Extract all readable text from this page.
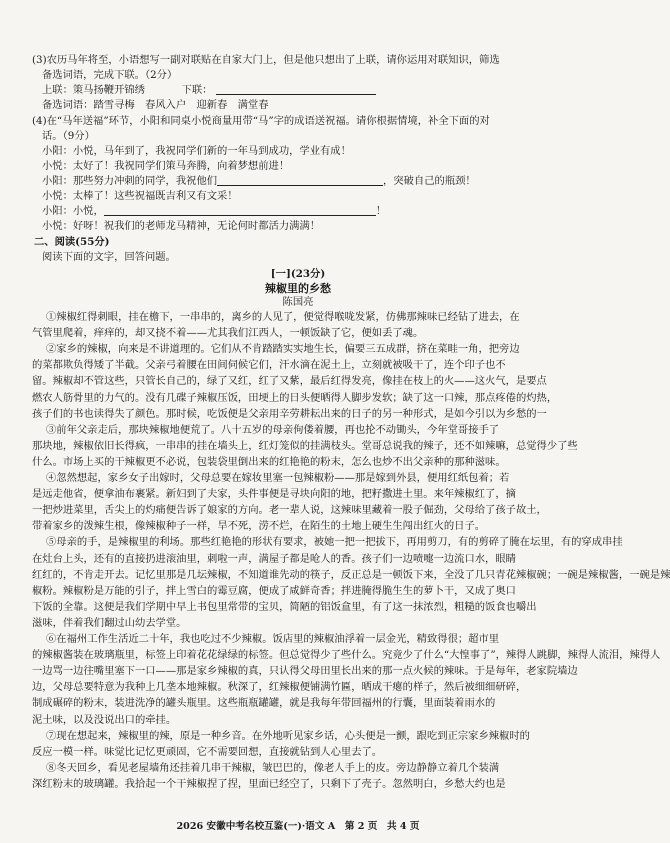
(3)农历马年将至，小语想写一副对联贴在自家大门上，但是他只想出了上联，请你运用对联知识，筛选
备选词语，完成下联。（2分）
上联：策马扬鞭开锦绣	下联：
备选词语：踏雪寻梅　春风入户　迎新春　满堂春
(4)在“马年送福”环节，小阳和同桌小悦商量用带“马”字的成语送祝福。请你根据情境，补全下面的对
话。（9分）
小阳：小悦，马年到了，我祝同学们新的一年马到成功，学业有成！
小悦：太好了！我祝同学们策马奔腾，向着梦想前进！
小阳：那些努力冲刺的同学，我祝他们	，突破自己的瓶颈！
小悦：太棒了！这些祝福既吉利又有文采！
小阳：小悦，	！
小悦：好呀！祝我们的老师龙马精神，无论何时都活力满满！
二、阅读(55分)
阅读下面的文字，回答问题。
[一](23分)
辣椒里的乡愁
陈国亮
①辣椒红得刺眼，挂在檐下，一串串的，离乡的人见了，便觉得喉咙发紧，仿佛那辣味已经钻了进去，在
气管里爬着，痒痒的，却又挠不着——尤其我们江西人，一顿饭缺了它，便如丢了魂。
②家乡的辣椒，向来是不讲道理的。它们从不肯踏踏实实地生长，偏要三五成群，挤在菜畦一角，把旁边
的菜都欺负得矮了半截。父亲弓着腰在田间伺候它们，汗水滴在泥土上，立刻就被吸干了，连个印子也不
留。辣椒却不管这些，只管长自己的，绿了又红，红了又紫，最后红得发亮，像挂在枝上的火——这火气，是要点
燃农人筋骨里的力气的。没有几碟子辣椒压饭，田埂上的日头便晒得人脚步发软；缺了这一口辣，那点疼倦的灼热，
孩子们的书也读得失了颜色。那时候，吃饭便是父亲用辛劳耕耘出来的日子的另一种形式，是如今引以为乡愁的一
③前年父亲走后，那块辣椒地便荒了。八十五岁的母亲佝偻着腰，再也抡不动锄头，今年堂哥接手了
那块地，辣椒依旧长得疯，一串串的挂在墙头上，红灯笼似的挂满枝头。堂哥总说我的辣子，还不如辣嘛，总觉得少了些
什么。市场上买的干辣椒更不必说，包装袋里倒出来的红艳艳的粉末，怎么也炒不出父亲种的那种滋味。
④忽然想起，家乡女子出嫁时，父母总要在嫁妆里塞一包辣椒粉——那是嫁到外县，便用红纸包着；若
是远走他省，便拿油布裹紧。新妇到了夫家，头件事便是寻块向阳的地，把籽撒进土里。来年辣椒红了，摘
一把炒进菜里，舌尖上的灼痛便告诉了娘家的方向。老一辈人说，这辣味里藏着一股子倔劲，父母给了孩子故土，
带着家乡的泼辣生根，像辣椒种子一样，旱不死，涝不烂，在陌生的土地上硬生生闯出红火的日子。
⑤母亲的手，是辣椒里的利场。那些红艳艳的形状有要求，被她一把一把拔下，再用剪刀，有的剪碎了腌在坛里，有的穿成串挂
在灶台上头，还有的直接扔进滚油里，刺啦一声，满屋子都是呛人的香。孩子们一边喷嚏一边流口水，眼睛
红红的，不肯走开去。记忆里那是几坛辣椒，不知道谁先动的筷子，反正总是一顿饭下来，全没了几只青花辣椒碗；一碗是辣椒酱，一碗是辣
椒粉。辣椒粉是万能的引子，拌上雪白的霉豆腐，便成了咸鲜奇香；拌进腌得脆生生的萝卜干，又成了奥口
下饭的全靠。这便是我们学期中早上书包里常带的宝贝，简陋的铝饭盒里，有了这一抹浓烈，粗糙的饭食也嚼出
滋味，伴着我们翻过山幼去学堂。
⑥在福州工作生活近二十年，我也吃过不少辣椒。饭店里的辣椒油浮着一层金光，精致得很；超市里
的辣椒酱装在玻璃瓶里，标签上印着花花绿绿的标签。但总觉得少了些什么。究竟少了什么“大惶事了”，辣得人跳脚，辣得人流泪，辣得人
一边骂一边往嘴里塞下一口——那是家乡辣椒的真，只认得父母田里长出来的那一点火候的辣味。于是每年，老家院墙边
边，父母总要特意为我种上几垄本地辣椒。秋深了，红辣椒便铺满竹匾，晒成干瘪的样子，然后被细细研碎，
制成碾碎的粉末，装进洗净的罐头瓶里。这些瓶瓶罐罐，就是我每年带回福州的行囊，里面装着雨水的
泥土味，以及没说出口的牵挂。
⑦现在想起来，辣椒里的辣，原是一种乡音。在外地听见家乡话，心头便是一颤，跟吃到正宗家乡辣椒时的
反应一模一样。味觉比记忆更顽固，它不需要回想，直接就钻到人心里去了。
⑧冬天回乡，看见老屋墙角还挂着几串干辣椒，皱巴巴的，像老人手上的皮。旁边静静立着几个装满
深红粉末的玻璃罐。我拾起一个干辣椒捏了捏，里面已经空了，只剩下了壳子。忽然明白，乡愁大约也是
2026 安徽中考名校互鉴(一)·语文 A　第 2 页　共 4 页
